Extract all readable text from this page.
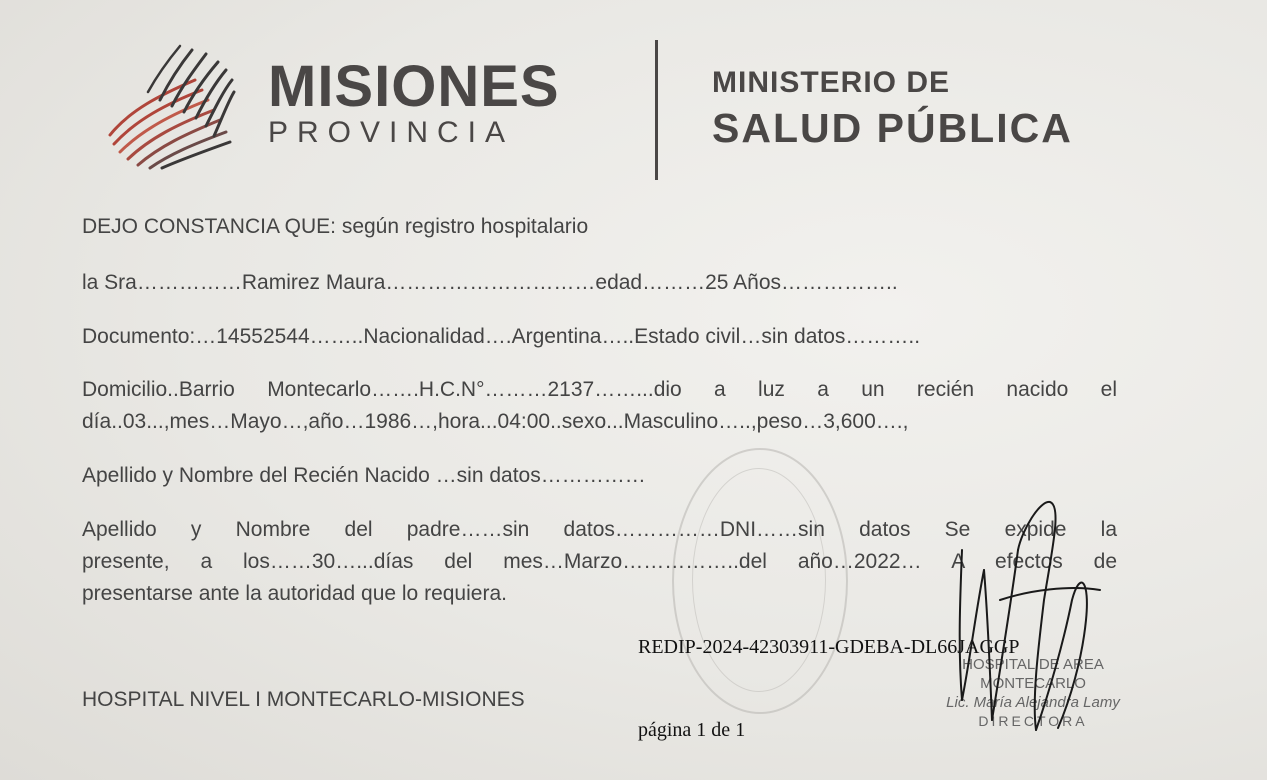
MISIONES
PROVINCIA
MINISTERIO DE
SALUD PÚBLICA
DEJO CONSTANCIA QUE: según registro hospitalario
la Sra……………Ramirez Maura…………………………edad………25 Años……………..
Documento:…14552544……..Nacionalidad….Argentina…..Estado civil…sin datos………..
Domicilio..Barrio Montecarlo…….H.C.N°………2137……...dio a luz a un recién nacido el
día..03...,mes…Mayo…,año…1986…,hora...04:00..sexo...Masculino…..,peso…3,600….,
Apellido y Nombre del Recién Nacido …sin datos……………
Apellido y Nombre del padre……sin datos……………DNI……sin datos Se expide la
presente, a los……30…...días del mes…Marzo……………..del año…2022… A efectos de
presentarse ante la autoridad que lo requiera.
REDIP-2024-42303911-GDEBA-DL66JAGGP
HOSPITAL NIVEL I MONTECARLO-MISIONES
página 1 de 1
HOSPITAL DE AREA
MONTECARLO
Lic. María Alejandra Lamy
DIRECTORA
